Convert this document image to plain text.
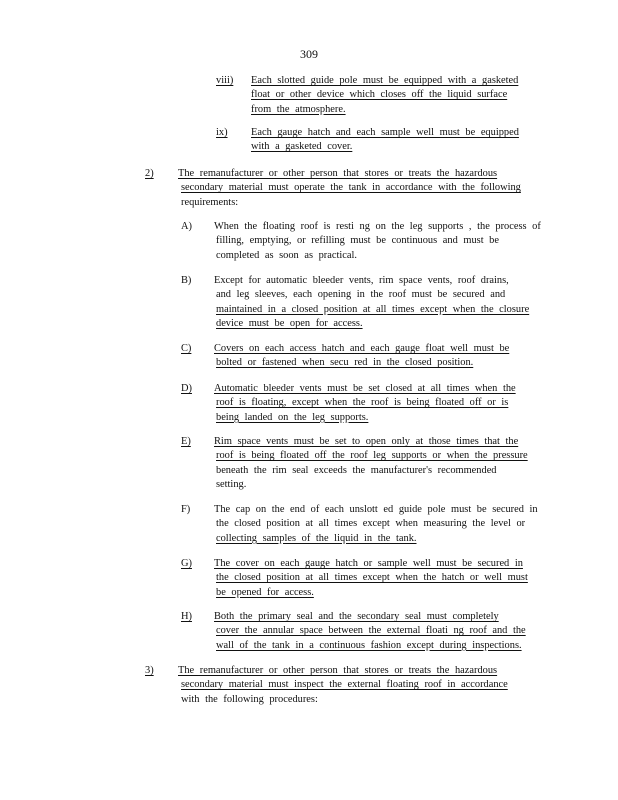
309
viii) Each slotted guide pole must be equipped with a gasketed
float or other device which closes off the liquid surface
from the atmosphere.
ix) Each gauge hatch and each sample well must be equipped
with a gasketed cover.
2) The remanufacturer or other person that stores or treats the hazardous
secondary material must operate the tank in accordance with the following
requirements:
A) When the floating roof is resti ng on the leg supports , the process of
filling, emptying, or refilling must be continuous and must be
completed as soon as practical.
B) Except for automatic bleeder vents, rim space vents, roof drains,
and leg sleeves, each opening in the roof must be secured and
maintained in a closed position at all times except when the closure
device must be open for access.
C) Covers on each access hatch and each gauge float well must be
bolted or fastened when secu red in the closed position.
D) Automatic bleeder vents must be set closed at all times when the
roof is floating, except when the roof is being floated off or is
being landed on the leg supports.
E) Rim space vents must be set to open only at those times that the
roof is being floated off the roof leg supports or when the pressure
beneath the rim seal exceeds the manufacturer's recommended
setting.
F) The cap on the end of each unslott ed guide pole must be secured in
the closed position at all times except when measuring the level or
collecting samples of the liquid in the tank.
G) The cover on each gauge hatch or sample well must be secured in
the closed position at all times except when the hatch or well must
be opened for access.
H) Both the primary seal and the secondary seal must completely
cover the annular space between the external floati ng roof and the
wall of the tank in a continuous fashion except during inspections.
3) The remanufacturer or other person that stores or treats the hazardous
secondary material must inspect the external floating roof in accordance
with the following procedures:
